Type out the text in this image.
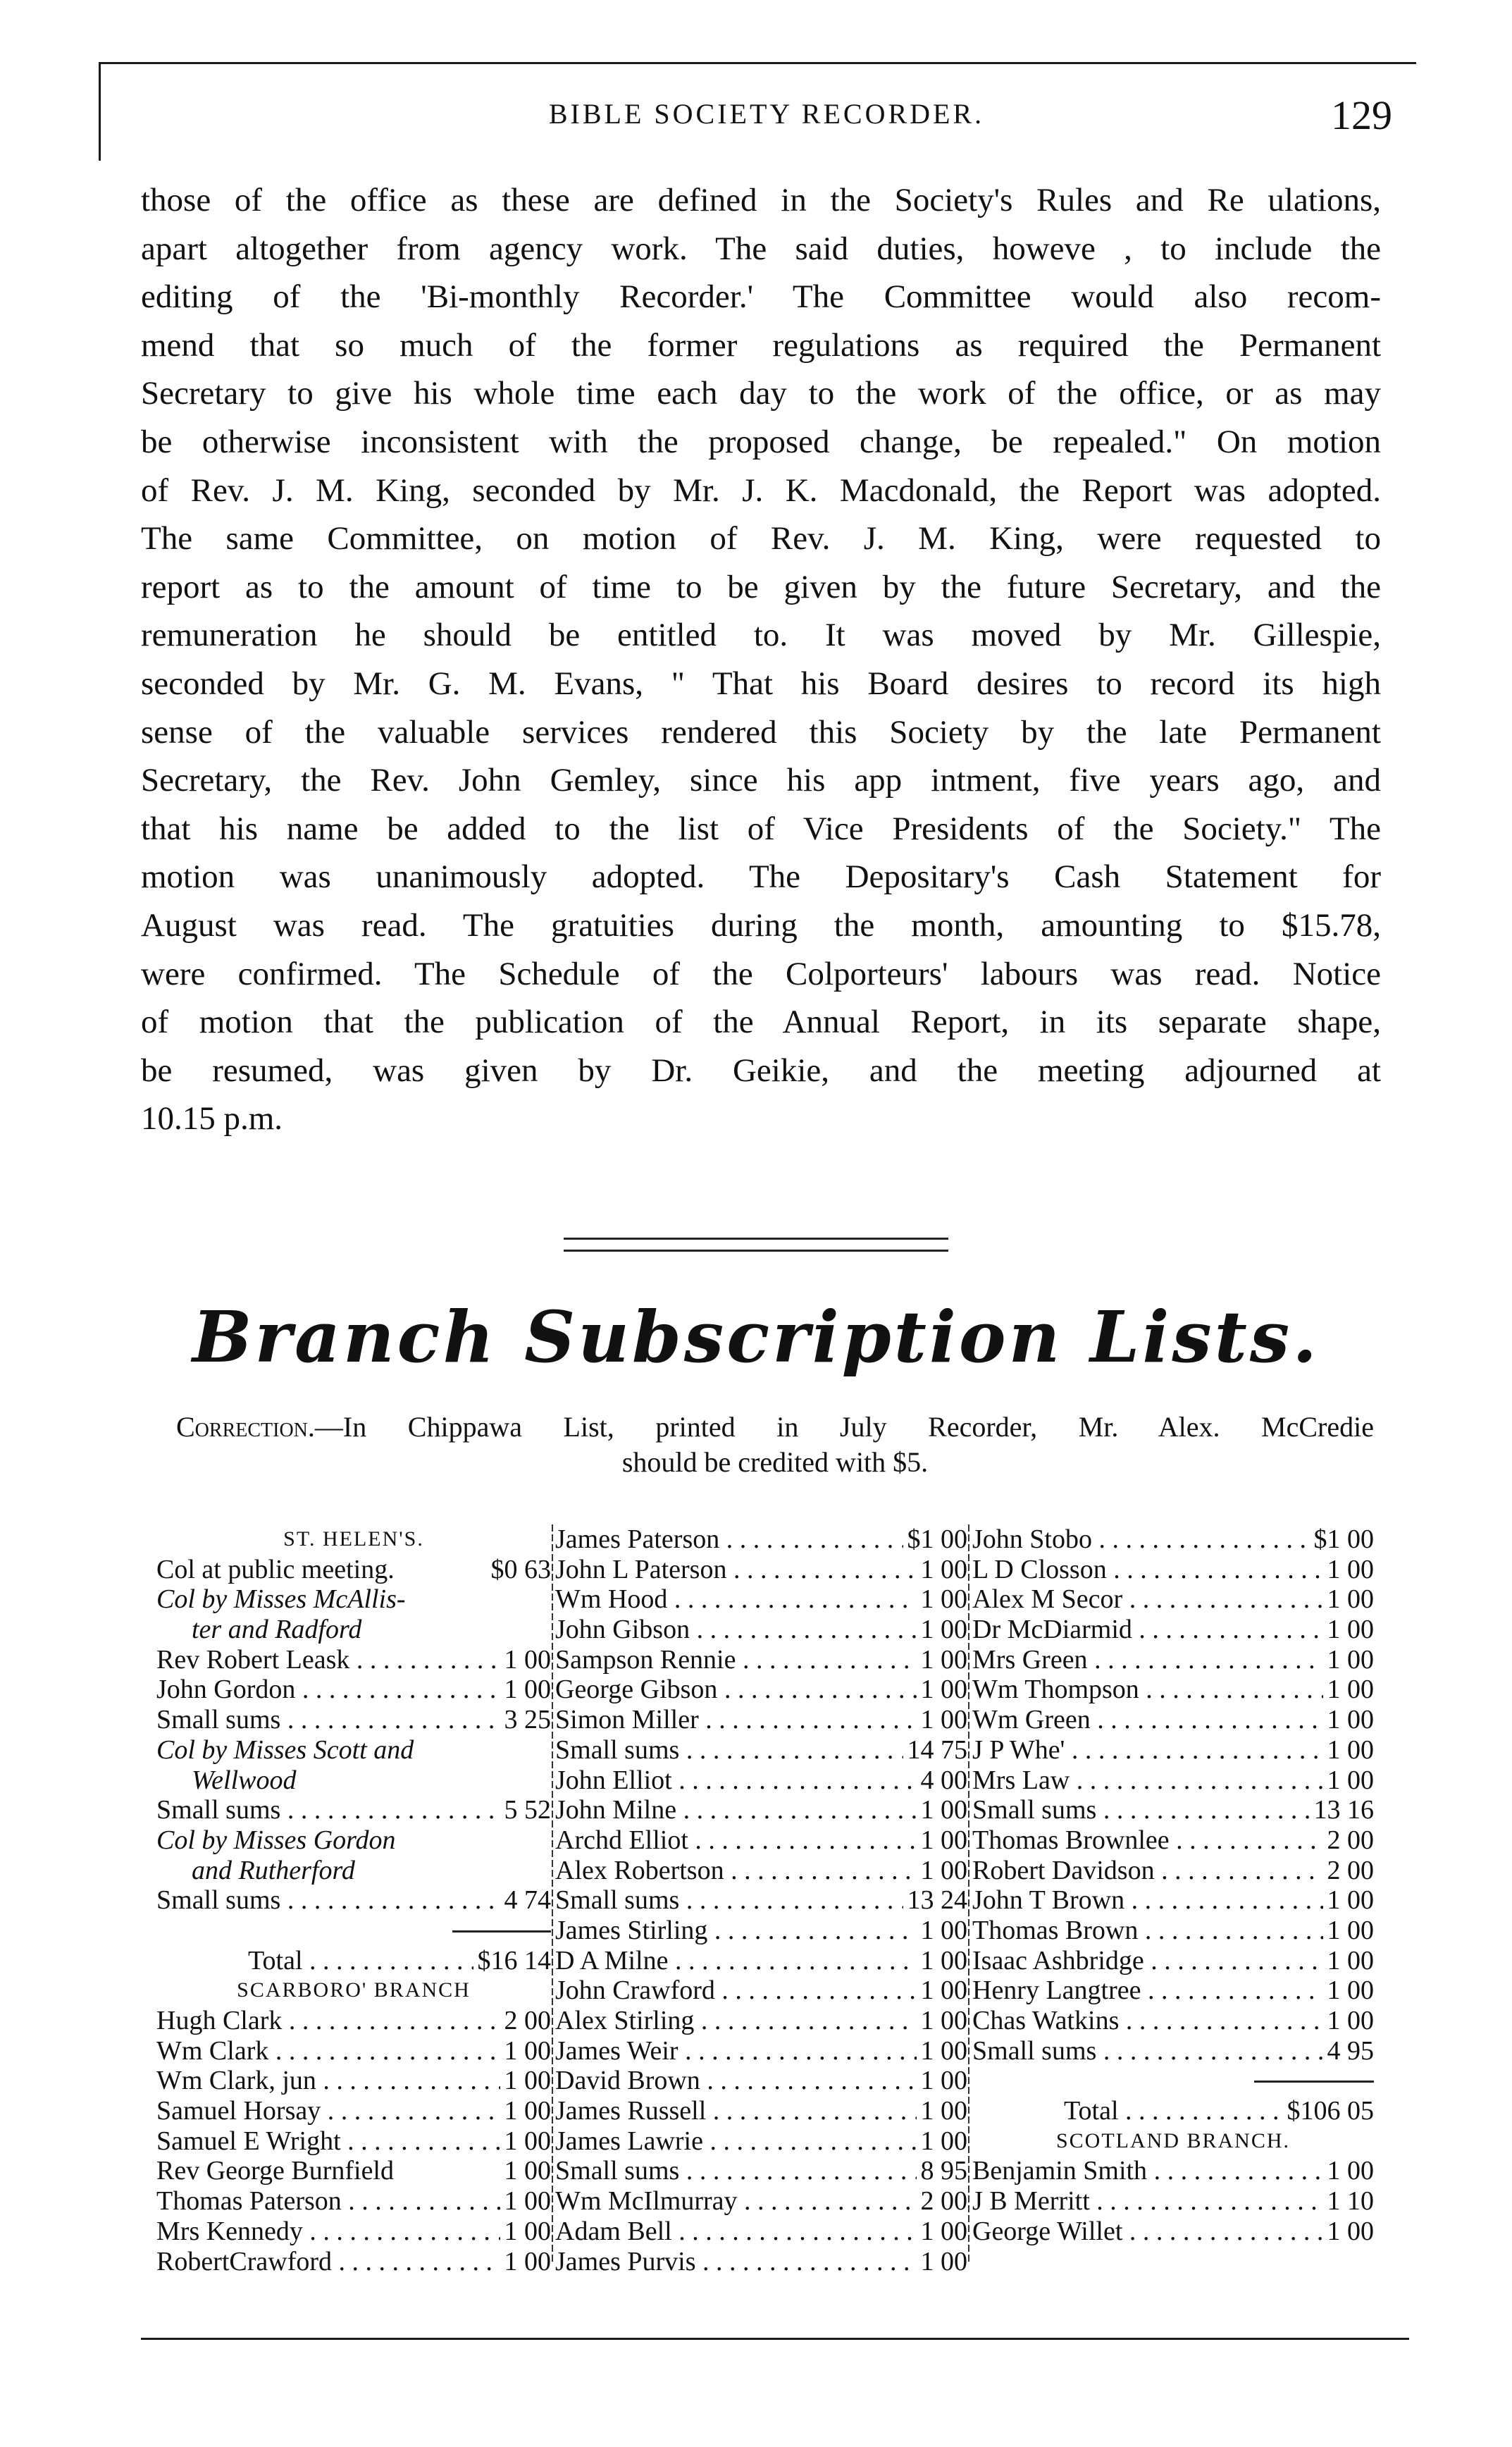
BIBLE SOCIETY RECORDER.	129
those of the office as these are defined in the Society's Rules and Re ulations,
apart altogether from agency work. The said duties, howeve , to include the
editing of the 'Bi-monthly Recorder.' The Committee would also recom-
mend that so much of the former regulations as required the Permanent
Secretary to give his whole time each day to the work of the office, or as may
be otherwise inconsistent with the proposed change, be repealed." On motion
of Rev. J. M. King, seconded by Mr. J. K. Macdonald, the Report was adopted.
The same Committee, on motion of Rev. J. M. King, were requested to
report as to the amount of time to be given by the future Secretary, and the
remuneration he should be entitled to. It was moved by Mr. Gillespie,
seconded by Mr. G. M. Evans, " That his Board desires to record its high
sense of the valuable services rendered this Society by the late Permanent
Secretary, the Rev. John Gemley, since his app intment, five years ago, and
that his name be added to the list of Vice Presidents of the Society." The
motion was unanimously adopted. The Depositary's Cash Statement for
August was read. The gratuities during the month, amounting to $15.78,
were confirmed. The Schedule of the Colporteurs' labours was read. Notice
of motion that the publication of the Annual Report, in its separate shape,
be resumed, was given by Dr. Geikie, and the meeting adjourned at
10.15 p.m.
Branch Subscription Lists.
Correction.—In Chippawa List, printed in July Recorder, Mr. Alex. McCredie
should be credited with $5.
ST. HELEN'S.
Col at public meeting.	$0 63
Col by Misses McAllis-
ter and Radford
Rev Robert Leask . . .	1 00
John Gordon . . .	1 00
Small sums . . .	3 25
Col by Misses Scott and
Wellwood
Small sums . . .	5 52
Col by Misses Gordon
and Rutherford
Small sums . . .	4 74
Total . . .	$16 14
SCARBORO' BRANCH
Hugh Clark . . .	2 00
Wm Clark . . .	1 00
Wm Clark, jun . . .	1 00
Samuel Horsay . . .	1 00
Samuel E Wright . . .	1 00
Rev George Burnfield	1 00
Thomas Paterson . . .	1 00
Mrs Kennedy . . .	1 00
RobertCrawford . . .	1 00
James Paterson . . .	$1 00
John L Paterson . . .	1 00
Wm Hood . . .	1 00
John Gibson . . .	1 00
Sampson Rennie . . .	1 00
George Gibson . . .	1 00
Simon Miller . . .	1 00
Small sums . . .	14 75
John Elliot . . .	4 00
John Milne . . .	1 00
Archd Elliot . . .	1 00
Alex Robertson . . .	1 00
Small sums . . .	13 24
James Stirling . . .	1 00
D A Milne . . .	1 00
John Crawford . . .	1 00
Alex Stirling . . .	1 00
James Weir . . .	1 00
David Brown . . .	1 00
James Russell . . .	1 00
James Lawrie . . .	1 00
Small sums . . .	8 95
Wm McIlmurray . . .	2 00
Adam Bell . . .	1 00
James Purvis . . .	1 00
John Stobo . . .	$1 00
L D Closson . . .	1 00
Alex M Secor . . .	1 00
Dr McDiarmid . . .	1 00
Mrs Green . . .	1 00
Wm Thompson . . .	1 00
Wm Green . . .	1 00
J P Whe' . . .	1 00
Mrs Law . . .	1 00
Small sums . . .	13 16
Thomas Brownlee . . .	2 00
Robert Davidson . . .	2 00
John T Brown . . .	1 00
Thomas Brown . . .	1 00
Isaac Ashbridge . . .	1 00
Henry Langtree . . .	1 00
Chas Watkins . . .	1 00
Small sums . . .	4 95
Total . . .	$106 05
SCOTLAND BRANCH.
Benjamin Smith . . .	1 00
J B Merritt . . .	1 10
George Willet . . .	1 00
